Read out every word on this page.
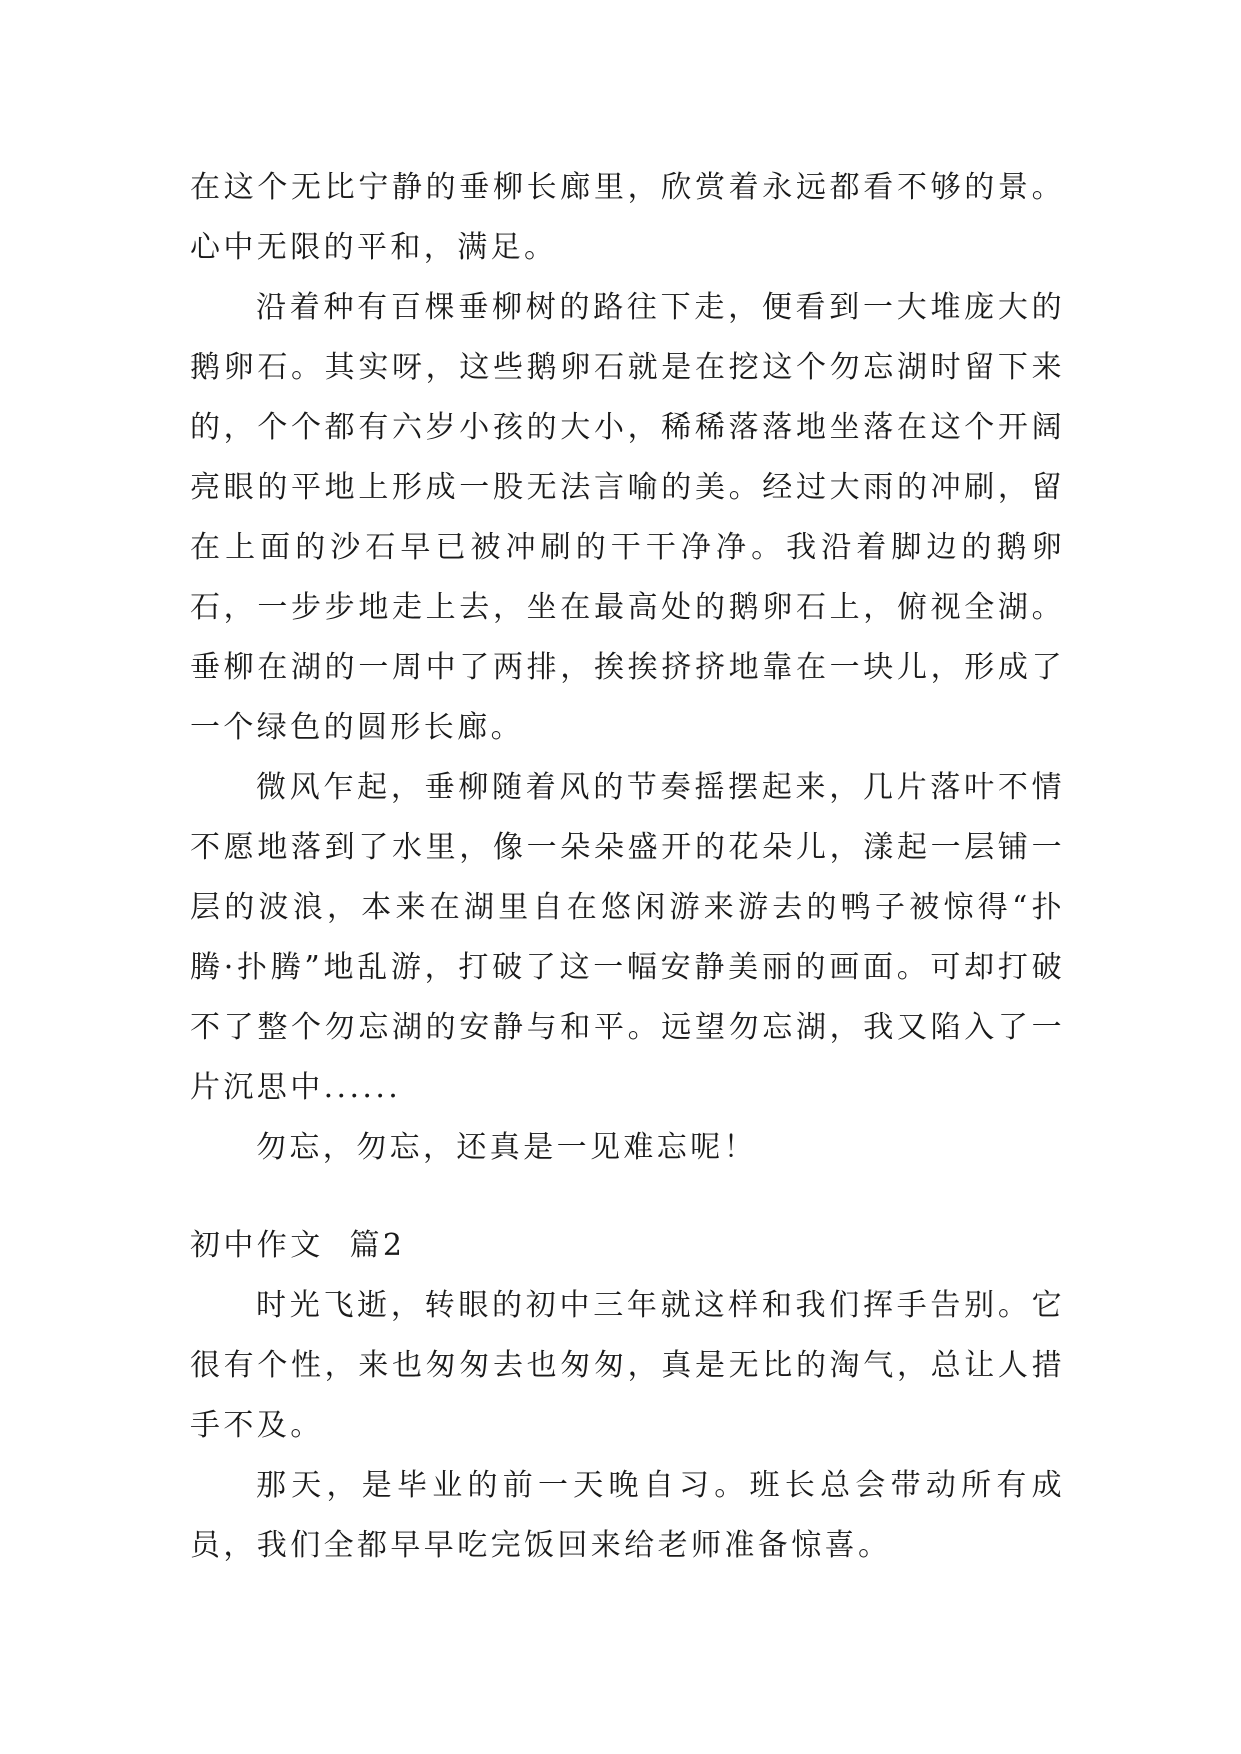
在这个无比宁静的垂柳长廊里，欣赏着永远都看不够的景。心中无限的平和，满足。

沿着种有百棵垂柳树的路往下走，便看到一大堆庞大的鹅卵石。其实呀，这些鹅卵石就是在挖这个勿忘湖时留下来的，个个都有六岁小孩的大小，稀稀落落地坐落在这个开阔亮眼的平地上形成一股无法言喻的美。经过大雨的冲刷，留在上面的沙石早已被冲刷的干干净净。我沿着脚边的鹅卵石，一步步地走上去，坐在最高处的鹅卵石上，俯视全湖。垂柳在湖的一周中了两排，挨挨挤挤地靠在一块儿，形成了一个绿色的圆形长廊。

微风乍起，垂柳随着风的节奏摇摆起来，几片落叶不情不愿地落到了水里，像一朵朵盛开的花朵儿，漾起一层铺一层的波浪，本来在湖里自在悠闲游来游去的鸭子被惊得“扑腾·扑腾”地乱游，打破了这一幅安静美丽的画面。可却打破不了整个勿忘湖的安静与和平。远望勿忘湖，我又陷入了一片沉思中......

勿忘，勿忘，还真是一见难忘呢！

初中作文  篇2

时光飞逝，转眼的初中三年就这样和我们挥手告别。它很有个性，来也匆匆去也匆匆，真是无比的淘气，总让人措手不及。

那天，是毕业的前一天晚自习。班长总会带动所有成员，我们全都早早吃完饭回来给老师准备惊喜。
